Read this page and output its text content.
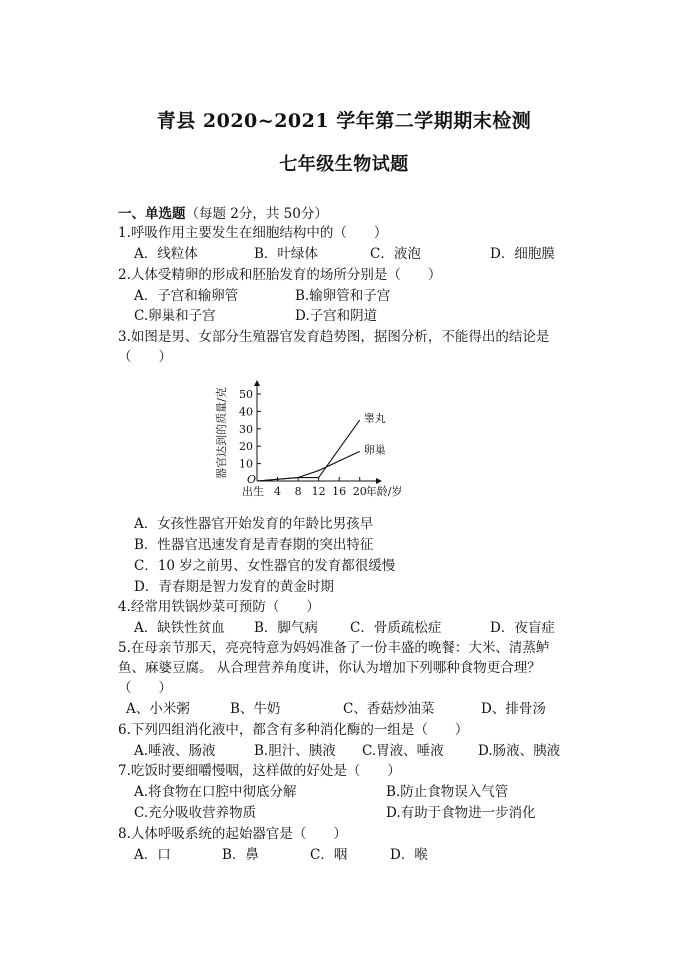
青县 2020~2021 学年第二学期期末检测
七年级生物试题
一、单选题（每题 2分，共 50分）
1.呼吸作用主要发生在细胞结构中的（　　）
A．线粒体	B．叶绿体	C．液泡	D．细胞膜
2.人体受精卵的形成和胚胎发育的场所分别是（　　）
A．子宫和输卵管	B.输卵管和子宫
C.卵巢和子宫	D.子宫和阴道
3.如图是男、女部分生殖器官发育趋势图，据图分析，不能得出的结论是
（　　）
10
20
30
40
50
出生 4 8 12 16 20
O
年龄/岁
器官达到的质量/克	睾丸
卵巢
A．女孩性器官开始发育的年龄比男孩早
B．性器官迅速发育是青春期的突出特征
C．10 岁之前男、女性器官的发育都很缓慢
D．青春期是智力发育的黄金时期
4.经常用铁锅炒菜可预防（　　）
A．缺铁性贫血 B．脚气病 C．骨质疏松症	D．夜盲症
5.在母亲节那天，亮亮特意为妈妈准备了一份丰盛的晚餐：大米、清蒸鲈
鱼、麻婆豆腐。 从合理营养角度讲，你认为增加下列哪种食物更合理？
（　　）
A、小米粥	B、牛奶	C、香菇炒油菜	D、排骨汤
6.下列四组消化液中，都含有多种消化酶的一组是（　　）
A.唾液、肠液	B.胆汁、胰液 C.胃液、唾液	D.肠液、胰液
7.吃饭时要细嚼慢咽，这样做的好处是（　　）
A.将食物在口腔中彻底分解	B.防止食物误入气管
C.充分吸收营养物质	D.有助于食物进一步消化
8.人体呼吸系统的起始器官是（　　）
A．口	B．鼻	C．咽	D．喉
